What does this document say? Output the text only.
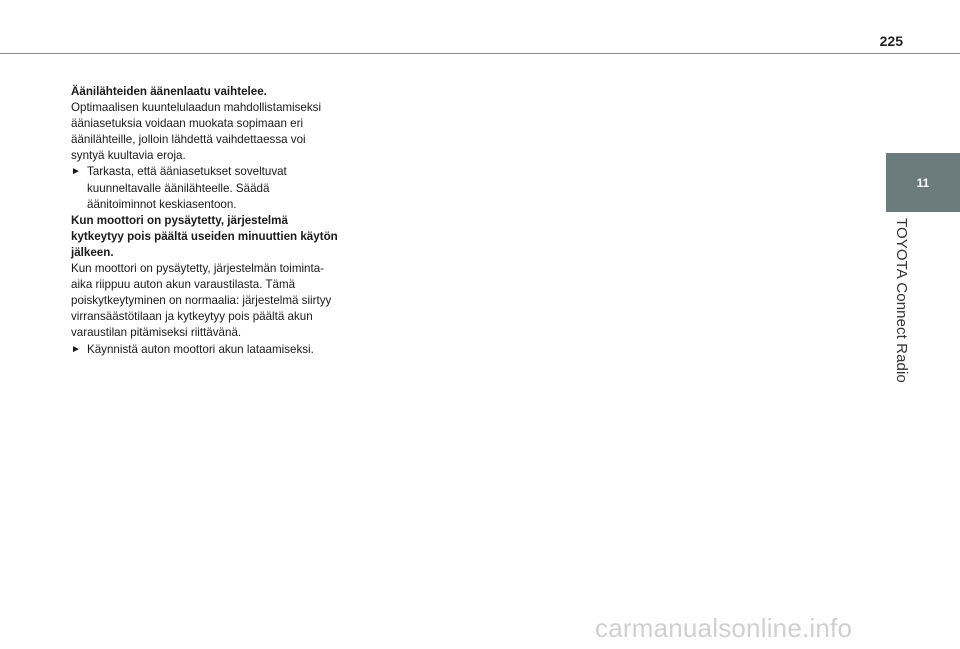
225
11
TOYOTA Connect Radio

Äänilähteiden äänenlaatu vaihtelee.

Optimaalisen kuuntelulaadun mahdollistamiseksi ääniasetuksia voidaan muokata sopimaan eri äänilähteille, jolloin lähdettä vaihdettaessa voi syntyä kuultavia eroja.

► Tarkasta, että ääniasetukset soveltuvat kuunneltavalle äänilähteelle. Säädä äänitoiminnot keskiasentoon.

Kun moottori on pysäytetty, järjestelmä kytkeytyy pois päältä useiden minuuttien käytön jälkeen.

Kun moottori on pysäytetty, järjestelmän toiminta-aika riippuu auton akun varaustilasta. Tämä poiskytkeytyminen on normaalia: järjestelmä siirtyy virransäästötilaan ja kytkeytyy pois päältä akun varaustilan pitämiseksi riittävänä.

► Käynnistä auton moottori akun lataamiseksi.
carmanualsonline.info
